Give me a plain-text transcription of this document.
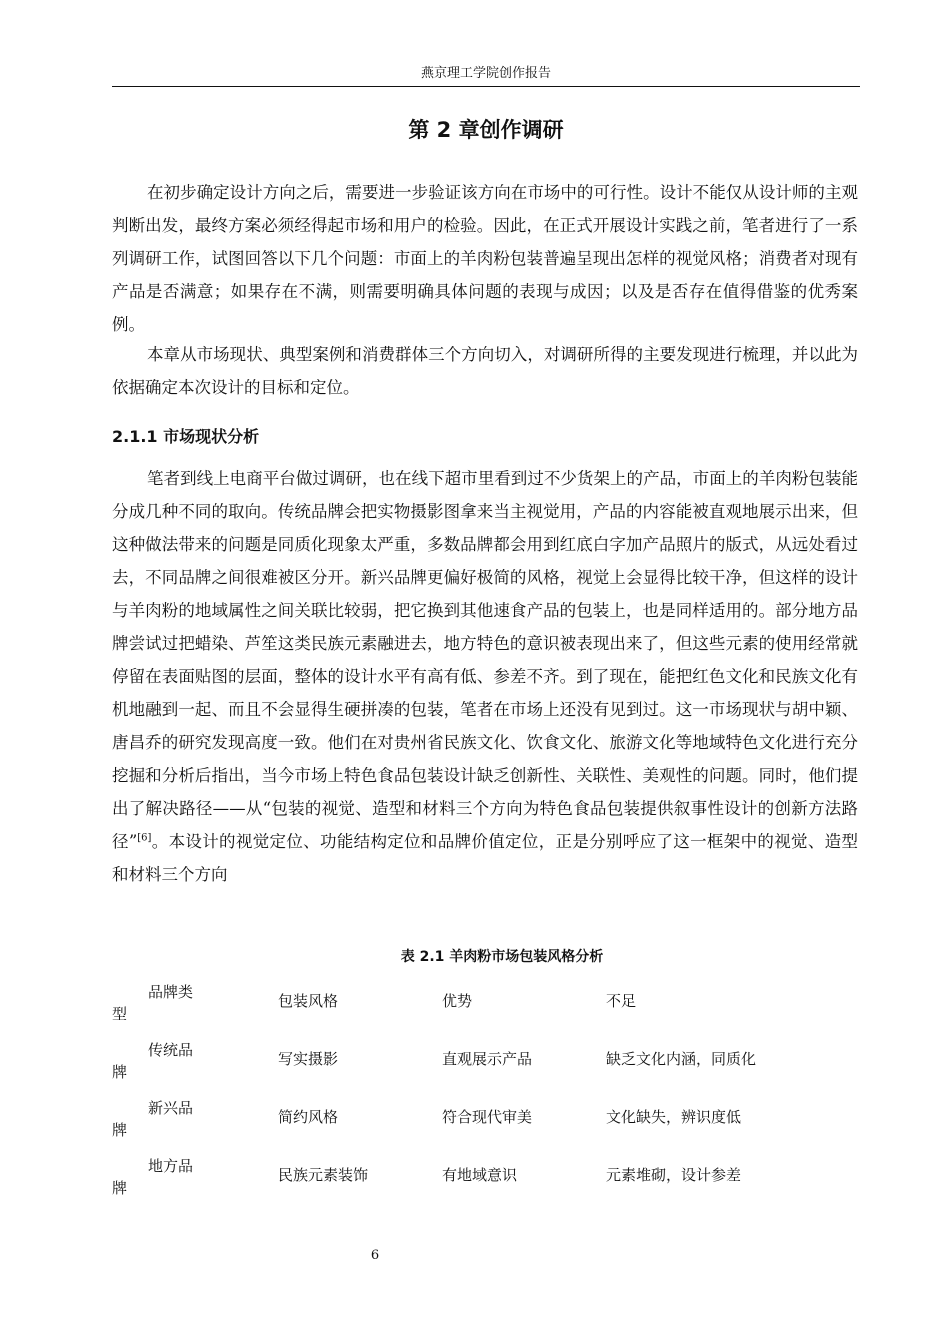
燕京理工学院创作报告
第 2 章创作调研

在初步确定设计方向之后，需要进一步验证该方向在市场中的可行性。设计不能仅从设计师的主观判断出发，最终方案必须经得起市场和用户的检验。因此，在正式开展设计实践之前，笔者进行了一系列调研工作，试图回答以下几个问题：市面上的羊肉粉包装普遍呈现出怎样的视觉风格；消费者对现有产品是否满意；如果存在不满，则需要明确具体问题的表现与成因；以及是否存在值得借鉴的优秀案例。

本章从市场现状、典型案例和消费群体三个方向切入，对调研所得的主要发现进行梳理，并以此为依据确定本次设计的目标和定位。

2.1.1 市场现状分析

笔者到线上电商平台做过调研，也在线下超市里看到过不少货架上的产品，市面上的羊肉粉包装能分成几种不同的取向。传统品牌会把实物摄影图拿来当主视觉用，产品的内容能被直观地展示出来，但这种做法带来的问题是同质化现象太严重，多数品牌都会用到红底白字加产品照片的版式，从远处看过去，不同品牌之间很难被区分开。新兴品牌更偏好极简的风格，视觉上会显得比较干净，但这样的设计与羊肉粉的地域属性之间关联比较弱，把它换到其他速食产品的包装上，也是同样适用的。部分地方品牌尝试过把蜡染、芦笙这类民族元素融进去，地方特色的意识被表现出来了，但这些元素的使用经常就停留在表面贴图的层面，整体的设计水平有高有低、参差不齐。到了现在，能把红色文化和民族文化有机地融到一起、而且不会显得生硬拼凑的包装，笔者在市场上还没有见到过。这一市场现状与胡中颖、唐昌乔的研究发现高度一致。他们在对贵州省民族文化、饮食文化、旅游文化等地域特色文化进行充分挖掘和分析后指出，当今市场上特色食品包装设计缺乏创新性、关联性、美观性的问题。同时，他们提出了解决路径——从“包装的视觉、造型和材料三个方向为特色食品包装提供叙事性设计的创新方法路径”[6]。本设计的视觉定位、功能结构定位和品牌价值定位，正是分别呼应了这一框架中的视觉、造型和材料三个方向

表 2.1 羊肉粉市场包装风格分析
品牌类型	包装风格	优势	不足

传统品牌	写实摄影	直观展示产品	缺乏文化内涵，同质化

新兴品牌	简约风格	符合现代审美	文化缺失，辨识度低

地方品牌	民族元素装饰	有地域意识	元素堆砌，设计参差
6
